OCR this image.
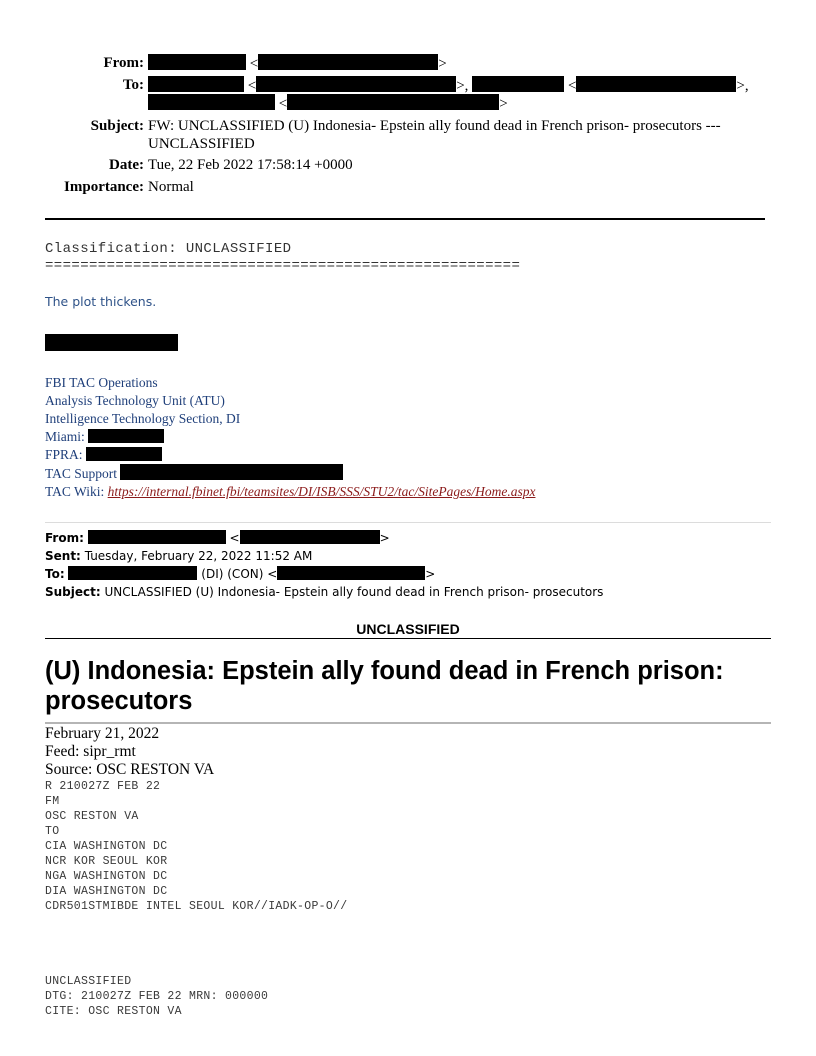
From:	<	>
To:	<	>,	<	>,
<	>
Subject: FW: UNCLASSIFIED (U) Indonesia- Epstein ally found dead in French prison- prosecutors ---
UNCLASSIFIED
Date: Tue, 22 Feb 2022 17:58:14 +0000
Importance: Normal
Classification: UNCLASSIFIED
======================================================
The plot thickens.
FBI TAC Operations
Analysis Technology Unit (ATU)
Intelligence Technology Section, DI
Miami:
FPRA:
TAC Support
TAC Wiki: https://internal.fbinet.fbi/teamsites/DI/ISB/SSS/STU2/tac/SitePages/Home.aspx
From:	<	>
Sent: Tuesday, February 22, 2022 11:52 AM
To:	(DI) (CON) <	>
Subject: UNCLASSIFIED (U) Indonesia- Epstein ally found dead in French prison- prosecutors
UNCLASSIFIED
(U) Indonesia: Epstein ally found dead in French prison: prosecutors
February 21, 2022
Feed: sipr_rmt
Source: OSC RESTON VA
R 210027Z FEB 22
FM
OSC RESTON VA
TO
CIA WASHINGTON DC
NCR KOR SEOUL KOR
NGA WASHINGTON DC
DIA WASHINGTON DC
CDR501STMIBDE INTEL SEOUL KOR//IADK-OP-O//
UNCLASSIFIED
DTG: 210027Z FEB 22 MRN: 000000
CITE: OSC RESTON VA
